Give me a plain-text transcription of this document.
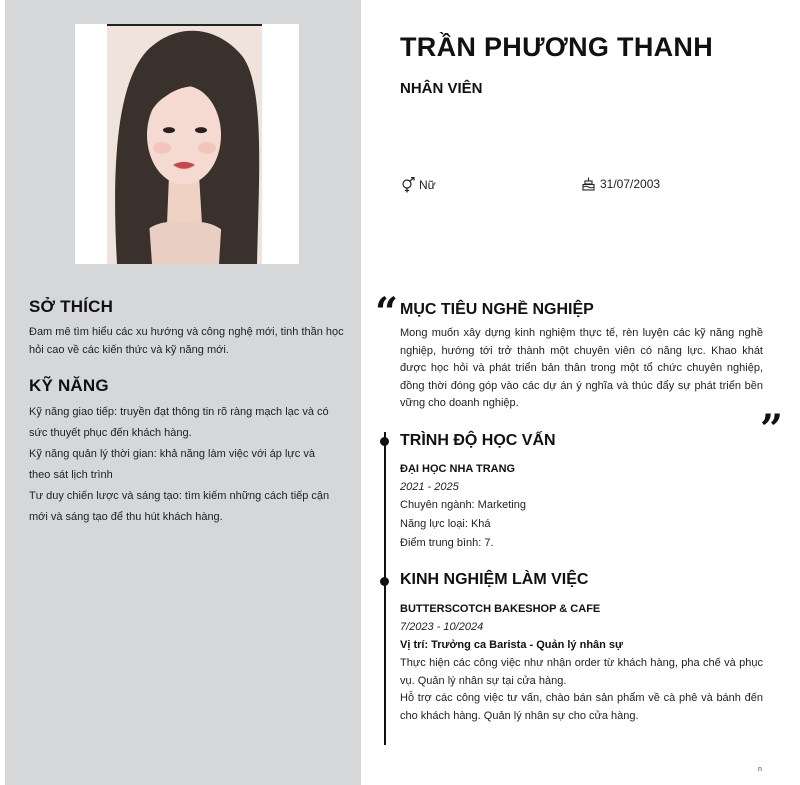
SỞ THÍCH

Đam mê tìm hiểu các xu hướng và công nghệ mới, tinh thần học hỏi cao về các kiến thức và kỹ năng mới.

KỸ NĂNG

Kỹ năng giao tiếp: truyền đạt thông tin rõ ràng mạch lạc và có sức thuyết phục đến khách hàng.

Kỹ năng quản lý thời gian: khả năng làm việc với áp lực và theo sát lịch trình

Tư duy chiến lược và sáng tạo: tìm kiếm những cách tiếp cận mới và sáng tạo để thu hút khách hàng.

TRẦN PHƯƠNG THANH
NHÂN VIÊN
Nữ	31/07/2003
“
”
MỤC TIÊU NGHỀ NGHIỆP

Mong muốn xây dựng kinh nghiệm thực tế, rèn luyện các kỹ năng nghề nghiệp, hướng tới trở thành một chuyên viên có năng lực. Khao khát được học hỏi và phát triển bản thân trong một tổ chức chuyên nghiệp, đồng thời đóng góp vào các dự án ý nghĩa và thúc đẩy sự phát triển bền vững cho doanh nghiệp.

TRÌNH ĐỘ HỌC VẤN

ĐẠI HỌC NHA TRANG

2021 - 2025

Chuyên ngành: Marketing

Năng lực loại: Khá

Điểm trung bình: 7.

KINH NGHIỆM LÀM VIỆC

BUTTERSCOTCH BAKESHOP & CAFE

7/2023 - 10/2024

Vị trí: Trưởng ca Barista - Quản lý nhân sự

Thực hiện các công việc như nhận order từ khách hàng, pha chế và phục vụ. Quản lý nhân sự tại cửa hàng.

Hỗ trợ các công việc tư vấn, chào bán sản phẩm về cà phê và bánh đến cho khách hàng. Quản lý nhân sự cho cửa hàng.

n
